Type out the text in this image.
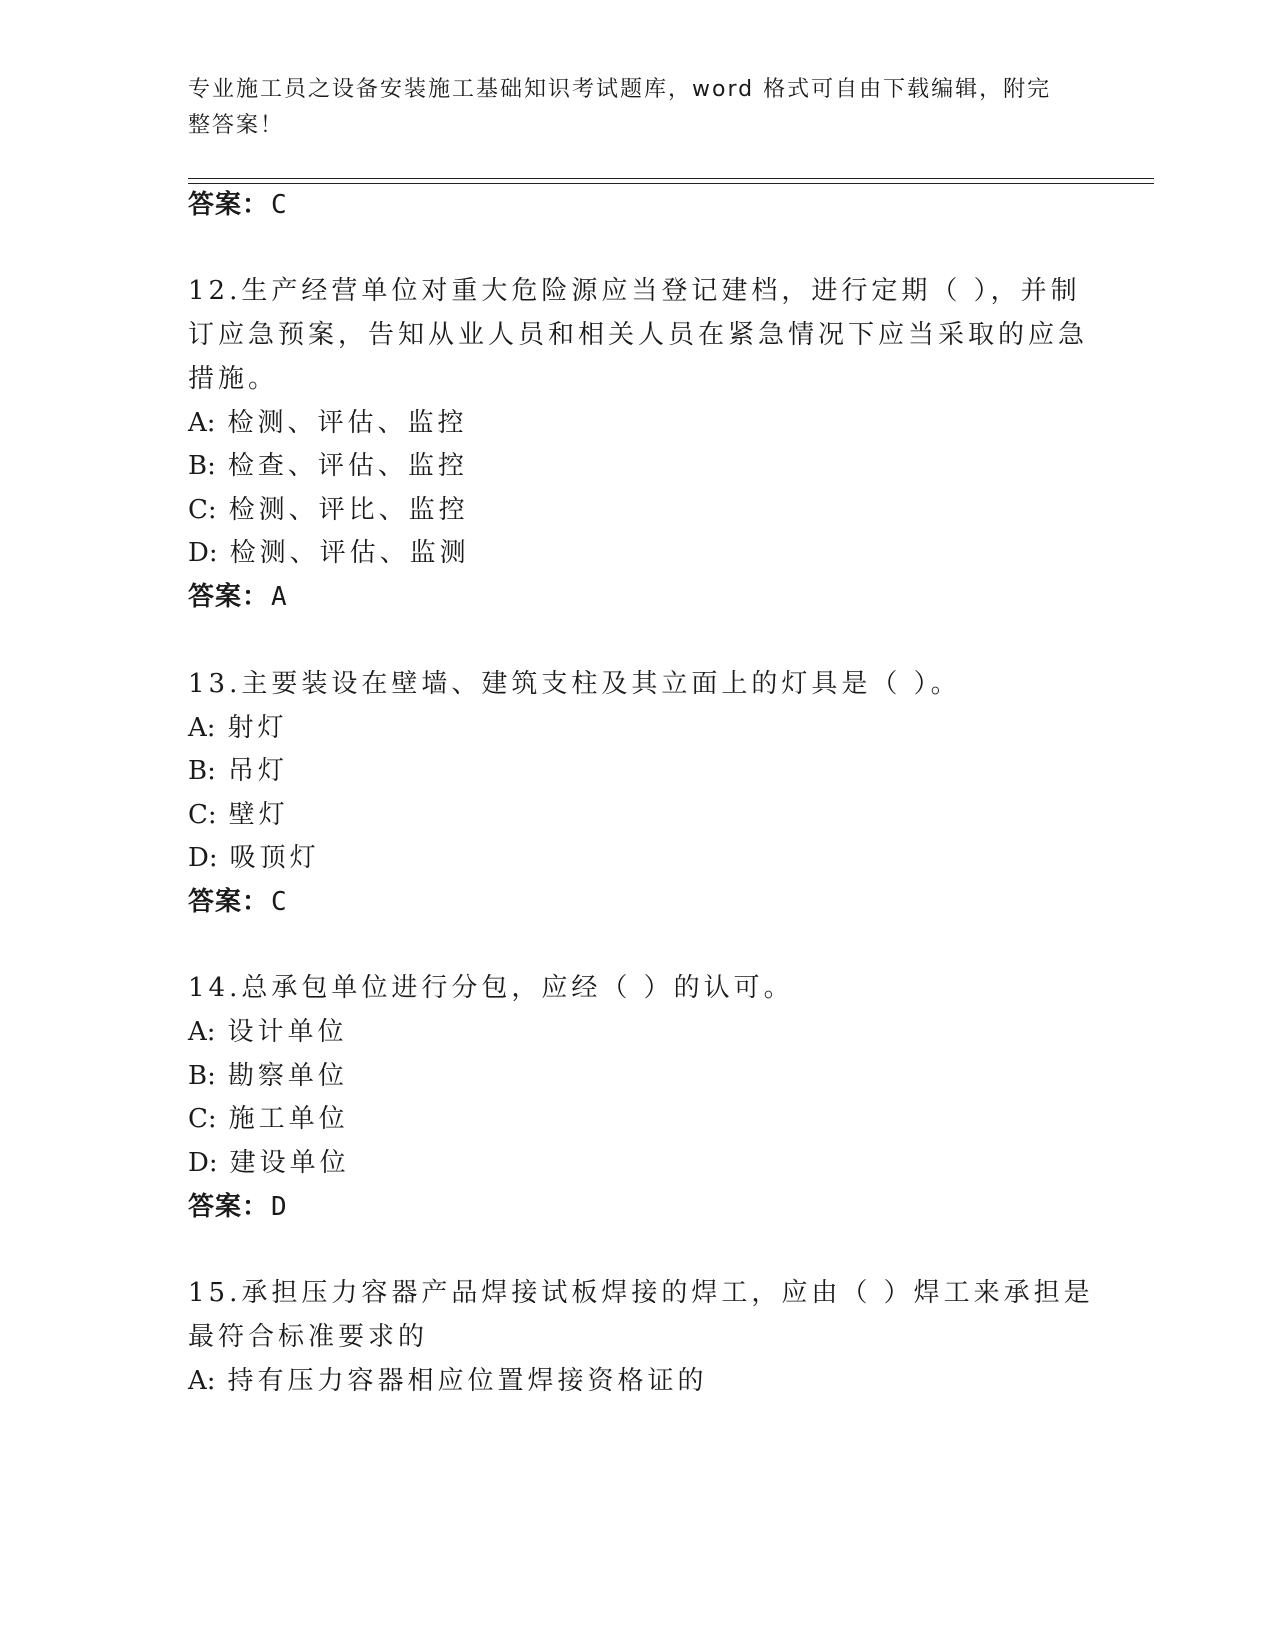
专业施工员之设备安装施工基础知识考试题库，word 格式可自由下载编辑，附完整答案！
答案：C
12.生产经营单位对重大危险源应当登记建档，进行定期（ ），并制
订应急预案，告知从业人员和相关人员在紧急情况下应当采取的应急
措施。
A: 检测、评估、监控
B: 检查、评估、监控
C: 检测、评比、监控
D: 检测、评估、监测
答案：A
13.主要装设在壁墙、建筑支柱及其立面上的灯具是（ ）。
A: 射灯
B: 吊灯
C: 壁灯
D: 吸顶灯
答案：C
14.总承包单位进行分包，应经（ ）的认可。
A: 设计单位
B: 勘察单位
C: 施工单位
D: 建设单位
答案：D
15.承担压力容器产品焊接试板焊接的焊工，应由（ ）焊工来承担是
最符合标准要求的
A: 持有压力容器相应位置焊接资格证的
